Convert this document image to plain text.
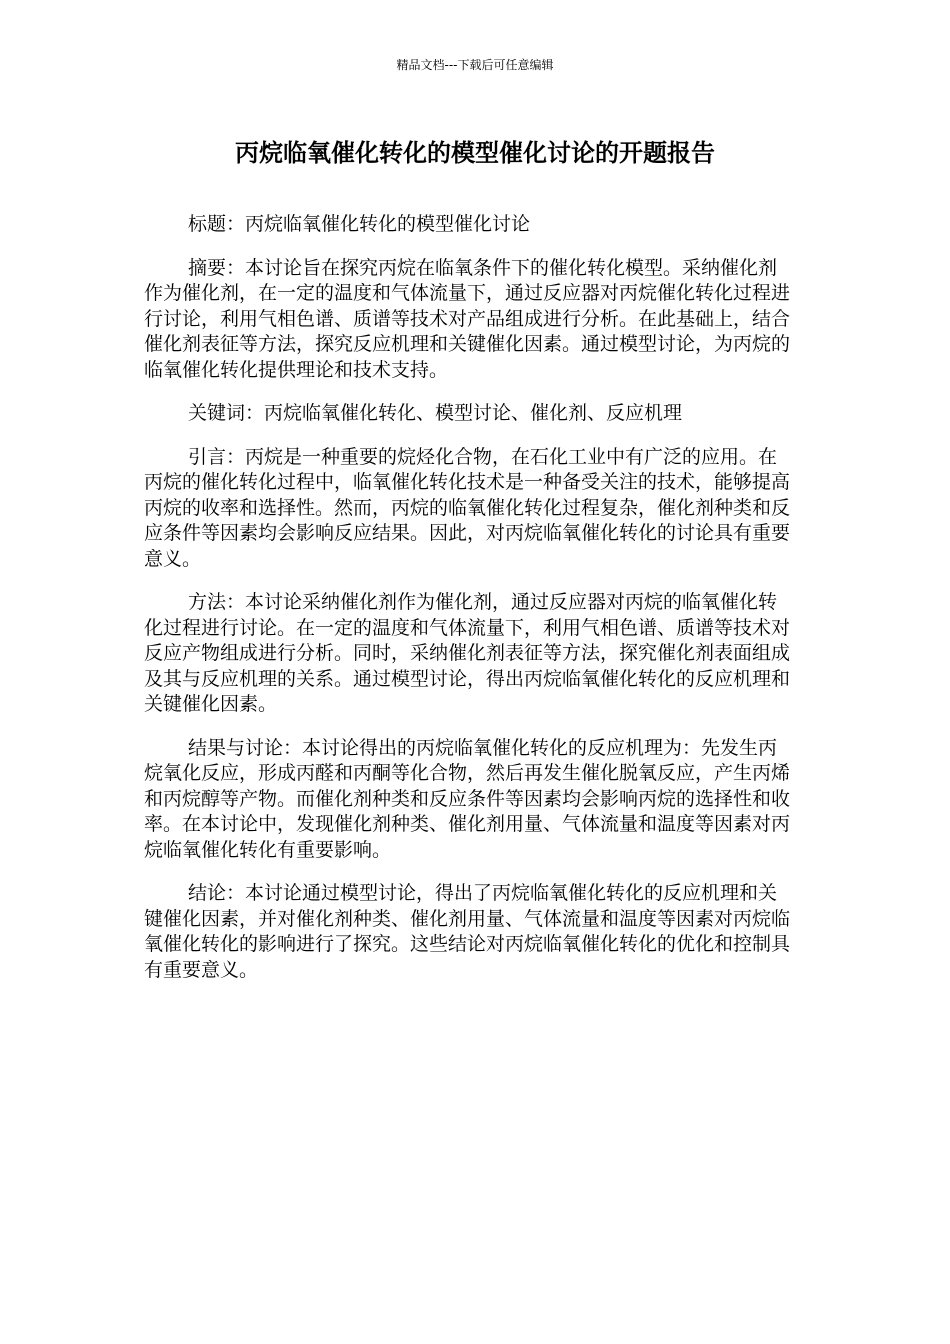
精品文档---下载后可任意编辑
丙烷临氧催化转化的模型催化讨论的开题报告

标题：丙烷临氧催化转化的模型催化讨论

摘要：本讨论旨在探究丙烷在临氧条件下的催化转化模型。采纳催化剂作为催化剂，在一定的温度和气体流量下，通过反应器对丙烷催化转化过程进行讨论，利用气相色谱、质谱等技术对产品组成进行分析。在此基础上，结合催化剂表征等方法，探究反应机理和关键催化因素。通过模型讨论，为丙烷的临氧催化转化提供理论和技术支持。

关键词：丙烷临氧催化转化、模型讨论、催化剂、反应机理

引言：丙烷是一种重要的烷烃化合物，在石化工业中有广泛的应用。在丙烷的催化转化过程中，临氧催化转化技术是一种备受关注的技术，能够提高丙烷的收率和选择性。然而，丙烷的临氧催化转化过程复杂，催化剂种类和反应条件等因素均会影响反应结果。因此，对丙烷临氧催化转化的讨论具有重要意义。

方法：本讨论采纳催化剂作为催化剂，通过反应器对丙烷的临氧催化转化过程进行讨论。在一定的温度和气体流量下，利用气相色谱、质谱等技术对反应产物组成进行分析。同时，采纳催化剂表征等方法，探究催化剂表面组成及其与反应机理的关系。通过模型讨论，得出丙烷临氧催化转化的反应机理和关键催化因素。

结果与讨论：本讨论得出的丙烷临氧催化转化的反应机理为：先发生丙烷氧化反应，形成丙醛和丙酮等化合物，然后再发生催化脱氧反应，产生丙烯和丙烷醇等产物。而催化剂种类和反应条件等因素均会影响丙烷的选择性和收率。在本讨论中，发现催化剂种类、催化剂用量、气体流量和温度等因素对丙烷临氧催化转化有重要影响。

结论：本讨论通过模型讨论，得出了丙烷临氧催化转化的反应机理和关键催化因素，并对催化剂种类、催化剂用量、气体流量和温度等因素对丙烷临氧催化转化的影响进行了探究。这些结论对丙烷临氧催化转化的优化和控制具有重要意义。
